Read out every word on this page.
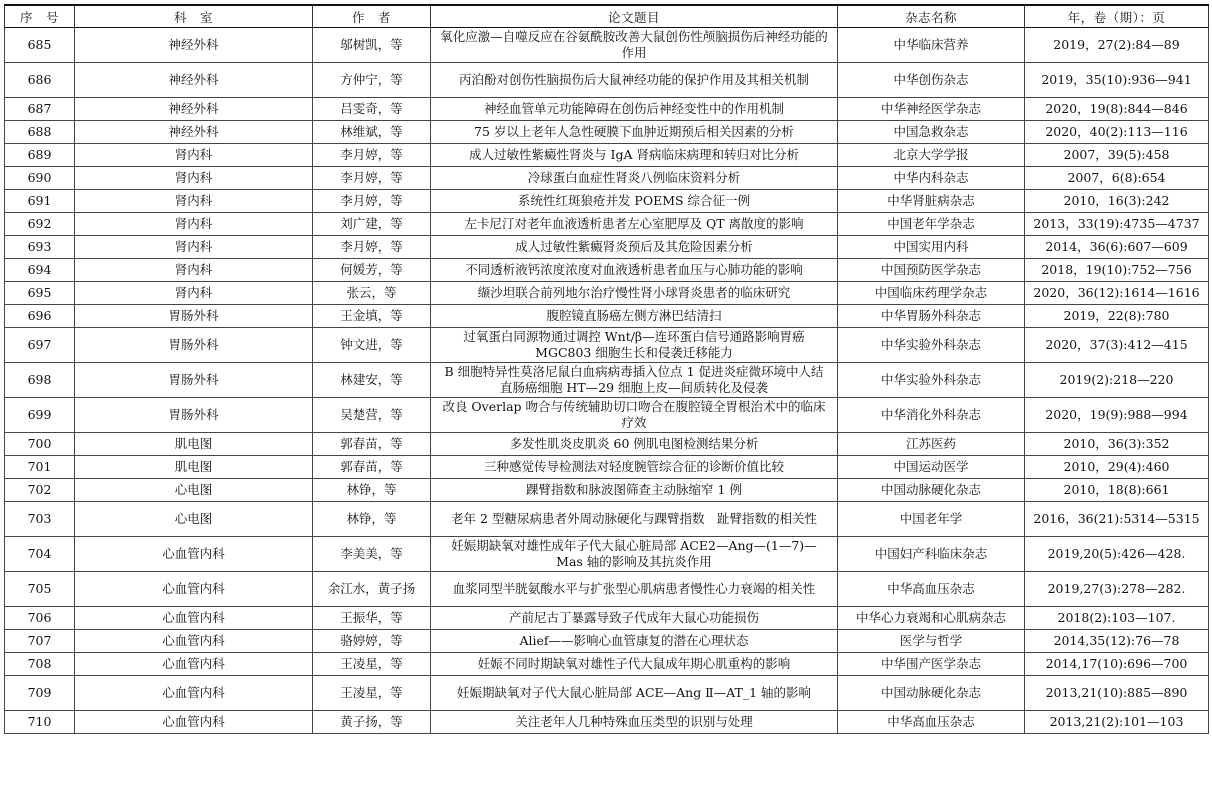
序　号	科　室	作　者	论文题目	杂志名称	年，卷（期）：页
685	神经外科	邬树凯，等	氧化应激—自噬反应在谷氨酰胺改善大鼠创伤性颅脑损伤后神经功能的作用	中华临床营养	2019，27(2):84—89
686	神经外科	方仲宁，等	丙泊酚对创伤性脑损伤后大鼠神经功能的保护作用及其相关机制	中华创伤杂志	2019，35(10):936—941
687	神经外科	吕雯奇，等	神经血管单元功能障碍在创伤后神经变性中的作用机制	中华神经医学杂志	2020，19(8):844—846
688	神经外科	林维斌，等	75 岁以上老年人急性硬膜下血肿近期预后相关因素的分析	中国急救杂志	2020，40(2):113—116
689	肾内科	李月婷，等	成人过敏性紫癜性肾炎与 IgA 肾病临床病理和转归对比分析	北京大学学报	2007，39(5):458
690	肾内科	李月婷，等	冷球蛋白血症性肾炎八例临床资料分析	中华内科杂志	2007，6(8):654
691	肾内科	李月婷，等	系统性红斑狼疮并发 POEMS 综合征一例	中华肾脏病杂志	2010，16(3):242
692	肾内科	刘广建，等	左卡尼汀对老年血液透析患者左心室肥厚及 QT 离散度的影响	中国老年学杂志	2013，33(19):4735—4737
693	肾内科	李月婷，等	成人过敏性紫癜肾炎预后及其危险因素分析	中国实用内科	2014，36(6):607—609
694	肾内科	何媛芳，等	不同透析液钙浓度浓度对血液透析患者血压与心肺功能的影响	中国预防医学杂志	2018，19(10):752—756
695	肾内科	张云，等	缬沙坦联合前列地尔治疗慢性肾小球肾炎患者的临床研究	中国临床药理学杂志	2020，36(12):1614—1616
696	胃肠外科	王金填，等	腹腔镜直肠癌左侧方淋巴结清扫	中华胃肠外科杂志	2019，22(8):780
697	胃肠外科	钟文进，等	过氧蛋白同源物通过调控 Wnt/β—连环蛋白信号通路影响胃癌 MGC803 细胞生长和侵袭迁移能力	中华实验外科杂志	2020，37(3):412—415
698	胃肠外科	林建安，等	B 细胞特异性莫洛尼鼠白血病病毒插入位点 1 促进炎症微环境中人结直肠癌细胞 HT—29 细胞上皮—间质转化及侵袭	中华实验外科杂志	2019(2):218—220
699	胃肠外科	吴楚营，等	改良 Overlap 吻合与传统辅助切口吻合在腹腔镜全胃根治术中的临床疗效	中华消化外科杂志	2020，19(9):988—994
700	肌电图	郭春苗，等	多发性肌炎皮肌炎 60 例肌电图检测结果分析	江苏医药	2010，36(3):352
701	肌电图	郭春苗，等	三种感觉传导检测法对轻度腕管综合征的诊断价值比较	中国运动医学	2010，29(4):460
702	心电图	林铮，等	踝臂指数和脉波图筛查主动脉缩窄 1 例	中国动脉硬化杂志	2010，18(8):661
703	心电图	林铮，等	老年 2 型糖尿病患者外周动脉硬化与踝臂指数　趾臂指数的相关性	中国老年学	2016，36(21):5314—5315
704	心血管内科	李美美，等	妊娠期缺氧对雄性成年子代大鼠心脏局部 ACE2—Ang—(1—7)—Mas 轴的影响及其抗炎作用	中国妇产科临床杂志	2019,20(5):426—428.
705	心血管内科	余江水，黄子扬	血浆同型半胱氨酸水平与扩张型心肌病患者慢性心力衰竭的相关性	中华高血压杂志	2019,27(3):278—282.
706	心血管内科	王振华，等	产前尼古丁暴露导致子代成年大鼠心功能损伤	中华心力衰竭和心肌病杂志	2018(2):103—107.
707	心血管内科	骆婷婷，等	Alief——影响心血管康复的潜在心理状态	医学与哲学	2014,35(12):76—78
708	心血管内科	王凌星，等	妊娠不同时期缺氧对雄性子代大鼠成年期心肌重构的影响	中华围产医学杂志	2014,17(10):696—700
709	心血管内科	王凌星，等	妊娠期缺氧对子代大鼠心脏局部 ACE—Ang Ⅱ—AT_1 轴的影响	中国动脉硬化杂志	2013,21(10):885—890
710	心血管内科	黄子扬，等	关注老年人几种特殊血压类型的识别与处理	中华高血压杂志	2013,21(2):101—103
